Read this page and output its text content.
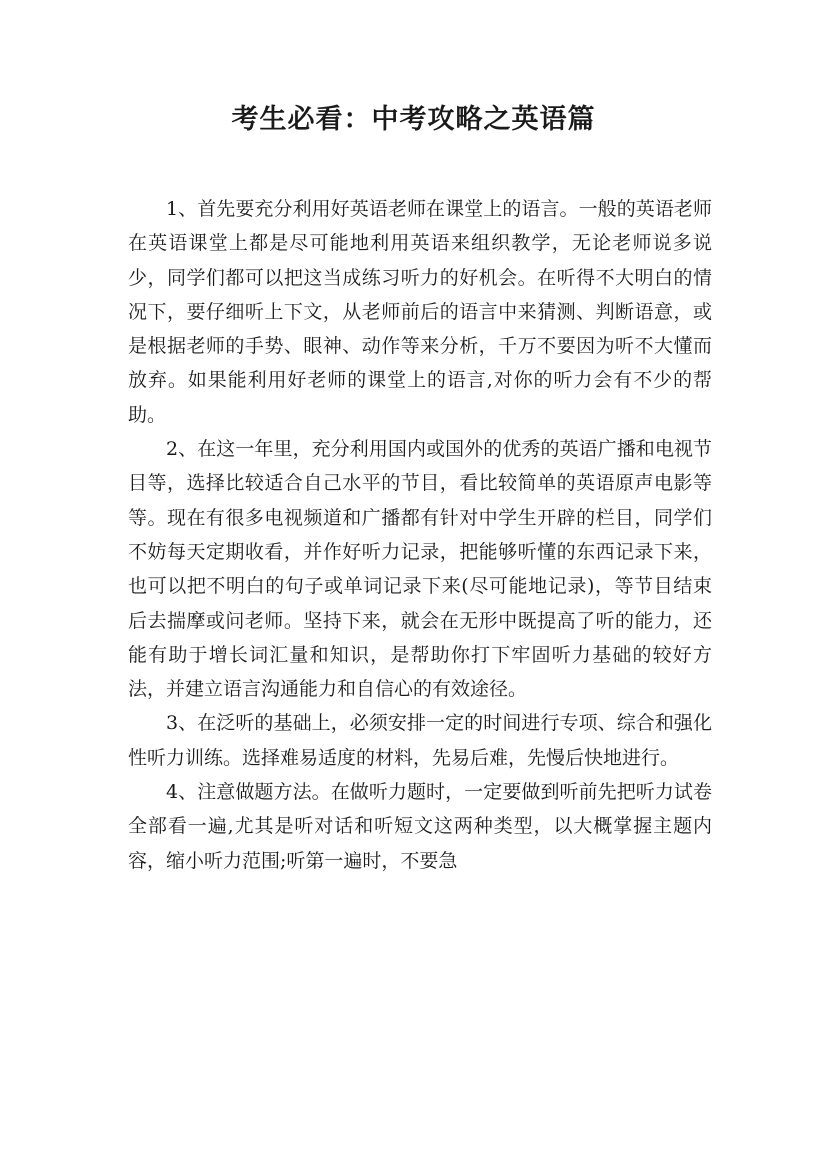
考生必看：中考攻略之英语篇

1、首先要充分利用好英语老师在课堂上的语言。一般的英语老师在英语课堂上都是尽可能地利用英语来组织教学，无论老师说多说少，同学们都可以把这当成练习听力的好机会。在听得不大明白的情况下，要仔细听上下文，从老师前后的语言中来猜测、判断语意，或是根据老师的手势、眼神、动作等来分析，千万不要因为听不大懂而放弃。如果能利用好老师的课堂上的语言,对你的听力会有不少的帮助。

2、在这一年里，充分利用国内或国外的优秀的英语广播和电视节目等，选择比较适合自己水平的节目，看比较简单的英语原声电影等等。现在有很多电视频道和广播都有针对中学生开辟的栏目，同学们不妨每天定期收看，并作好听力记录，把能够听懂的东西记录下来，也可以把不明白的句子或单词记录下来(尽可能地记录)，等节目结束后去揣摩或问老师。坚持下来，就会在无形中既提高了听的能力，还能有助于增长词汇量和知识，是帮助你打下牢固听力基础的较好方法，并建立语言沟通能力和自信心的有效途径。

3、在泛听的基础上，必须安排一定的时间进行专项、综合和强化性听力训练。选择难易适度的材料，先易后难，先慢后快地进行。

4、注意做题方法。在做听力题时，一定要做到听前先把听力试卷全部看一遍,尤其是听对话和听短文这两种类型，以大概掌握主题内容，缩小听力范围;听第一遍时，不要急
